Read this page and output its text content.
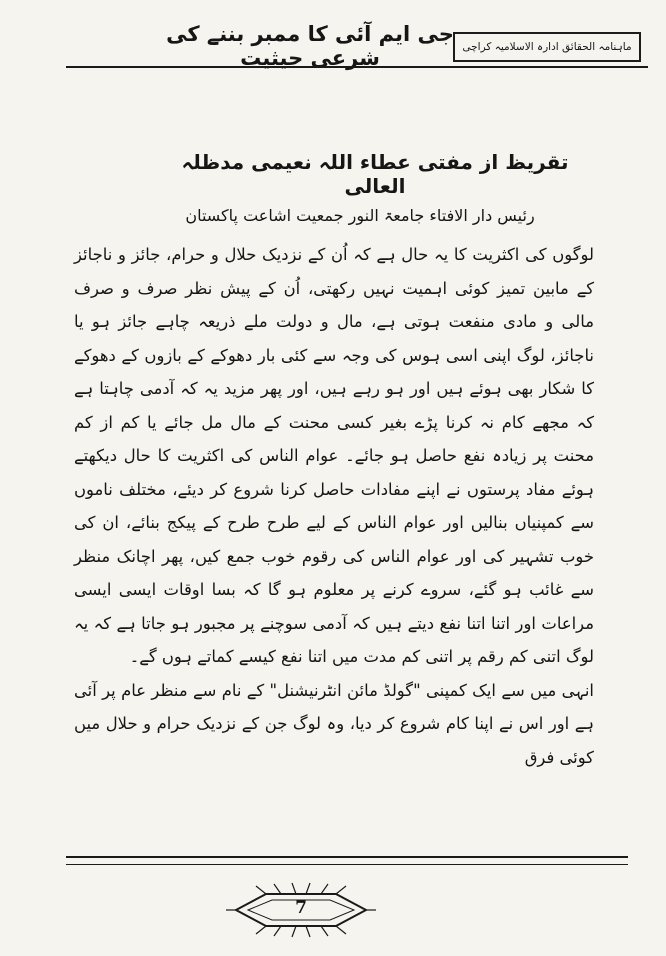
جی ایم آئی کا ممبر بننے کی شرعی حیثیت	ماہنامہ الحقائق ادارہ الاسلامیہ کراچی
تقریظ از مفتی عطاء اللہ نعیمی مدظلہ العالی
رئیس دار الافتاء جامعۃ النور جمعیت اشاعت پاکستان

لوگوں کی اکثریت کا یہ حال ہے کہ اُن کے نزدیک حلال و حرام، جائز و ناجائز کے مابین تمیز کوئی اہمیت نہیں رکھتی، اُن کے پیش نظر صرف و صرف مالی و مادی منفعت ہوتی ہے، مال و دولت ملے ذریعہ چاہے جائز ہو یا ناجائز، لوگ اپنی اسی ہوس کی وجہ سے کئی بار دھوکے کے بازوں کے دھوکے کا شکار بھی ہوئے ہیں اور ہو رہے ہیں، اور پھر مزید یہ کہ آدمی چاہتا ہے کہ مجھے کام نہ کرنا پڑے بغیر کسی محنت کے مال مل جائے یا کم از کم محنت پر زیادہ نفع حاصل ہو جائے۔ عوام الناس کی اکثریت کا حال دیکھتے ہوئے مفاد پرستوں نے اپنے مفادات حاصل کرنا شروع کر دیئے، مختلف ناموں سے کمپنیاں بنالیں اور عوام الناس کے لیے طرح طرح کے پیکج بنائے، ان کی خوب تشہیر کی اور عوام الناس کی رقوم خوب جمع کیں، پھر اچانک منظر سے غائب ہو گئے، سروے کرنے پر معلوم ہو گا کہ بسا اوقات ایسی ایسی مراعات اور اتنا اتنا نفع دیتے ہیں کہ آدمی سوچنے پر مجبور ہو جاتا ہے کہ یہ لوگ اتنی کم رقم پر اتنی کم مدت میں اتنا نفع کیسے کماتے ہوں گے۔

انہی میں سے ایک کمپنی "گولڈ مائن انٹرنیشنل" کے نام سے منظر عام پر آئی ہے اور اس نے اپنا کام شروع کر دیا، وہ لوگ جن کے نزدیک حرام و حلال میں کوئی فرق

7
